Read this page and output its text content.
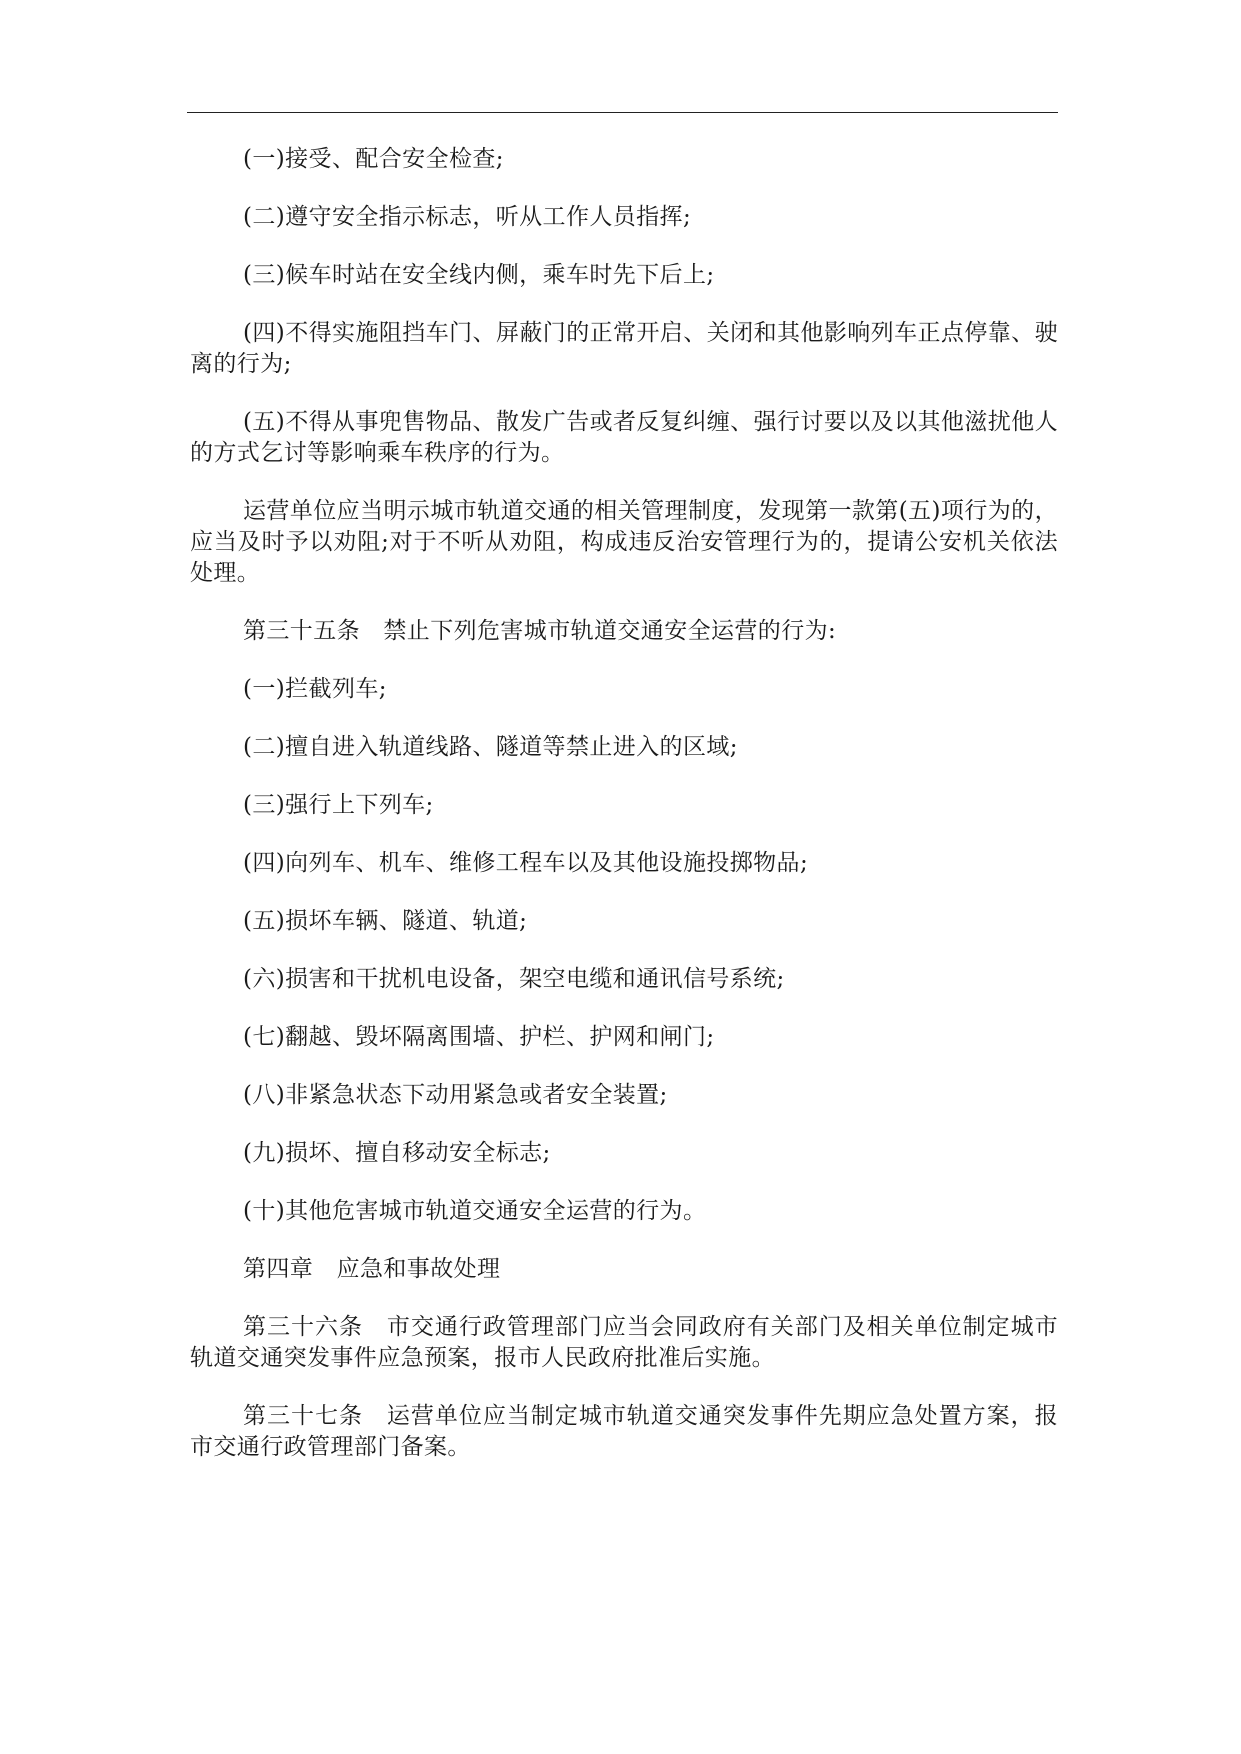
(一)接受、配合安全检查;

(二)遵守安全指示标志，听从工作人员指挥;

(三)候车时站在安全线内侧，乘车时先下后上;

(四)不得实施阻挡车门、屏蔽门的正常开启、关闭和其他影响列车正点停靠、驶离的行为;

(五)不得从事兜售物品、散发广告或者反复纠缠、强行讨要以及以其他滋扰他人的方式乞讨等影响乘车秩序的行为。

运营单位应当明示城市轨道交通的相关管理制度，发现第一款第(五)项行为的，应当及时予以劝阻;对于不听从劝阻，构成违反治安管理行为的，提请公安机关依法处理。

第三十五条　禁止下列危害城市轨道交通安全运营的行为:

(一)拦截列车;

(二)擅自进入轨道线路、隧道等禁止进入的区域;

(三)强行上下列车;

(四)向列车、机车、维修工程车以及其他设施投掷物品;

(五)损坏车辆、隧道、轨道;

(六)损害和干扰机电设备，架空电缆和通讯信号系统;

(七)翻越、毁坏隔离围墙、护栏、护网和闸门;

(八)非紧急状态下动用紧急或者安全装置;

(九)损坏、擅自移动安全标志;

(十)其他危害城市轨道交通安全运营的行为。

第四章　应急和事故处理

第三十六条　市交通行政管理部门应当会同政府有关部门及相关单位制定城市轨道交通突发事件应急预案，报市人民政府批准后实施。

第三十七条　运营单位应当制定城市轨道交通突发事件先期应急处置方案，报市交通行政管理部门备案。
